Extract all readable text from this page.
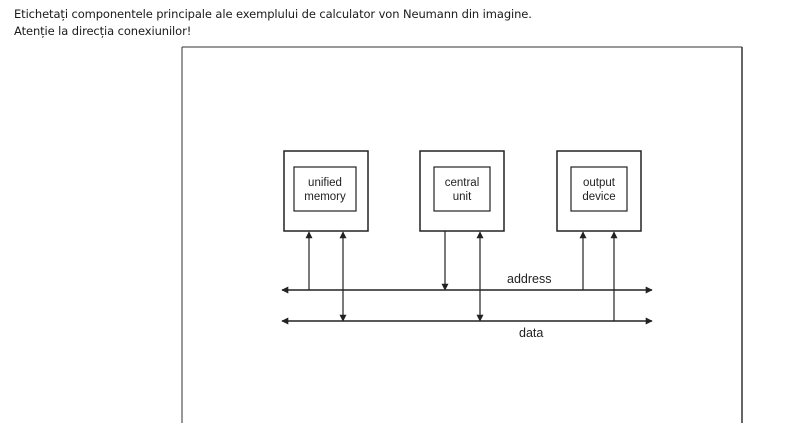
Etichetați componentele principale ale exemplului de calculator von Neumann din imagine.
Atenție la direcția conexiunilor!
unified
memory
central
unit
output
device
address
data
